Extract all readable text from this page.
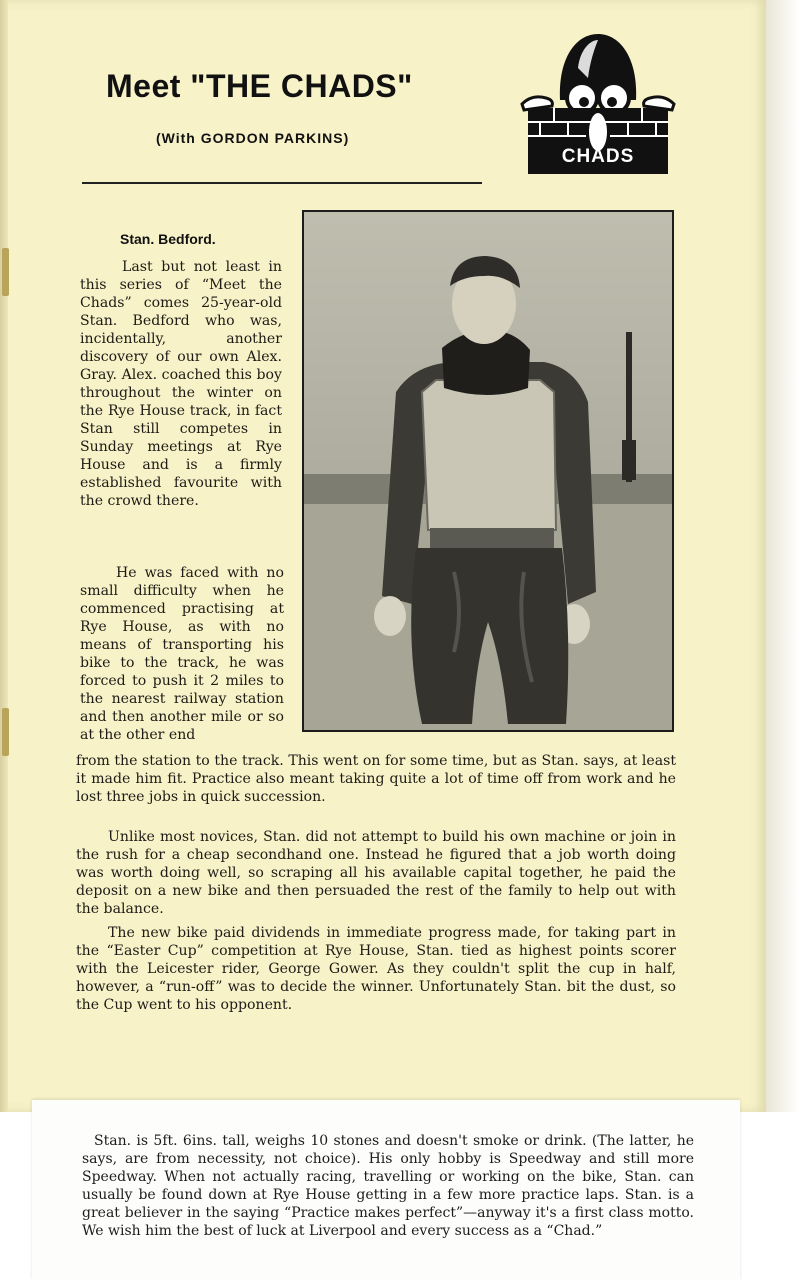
Meet "THE CHADS"
(With GORDON PARKINS)
CHADS
Stan. Bedford.

Last but not least in this series of “Meet the Chads” comes 25-year-old Stan. Bedford who was, incidentally, another discovery of our own Alex. Gray. Alex. coached this boy throughout the winter on the Rye House track, in fact Stan still competes in Sunday meetings at Rye House and is a firmly established favourite with the crowd there.

He was faced with no small difficulty when he commenced practising at Rye House, as with no means of transporting his bike to the track, he was forced to push it 2 miles to the nearest railway station and then another mile or so at the other end

from the station to the track. This went on for some time, but as Stan. says, at least it made him fit. Practice also meant taking quite a lot of time off from work and he lost three jobs in quick succession.

Unlike most novices, Stan. did not attempt to build his own machine or join in the rush for a cheap secondhand one. Instead he figured that a job worth doing was worth doing well, so scraping all his available capital together, he paid the deposit on a new bike and then persuaded the rest of the family to help out with the balance.

The new bike paid dividends in immediate progress made, for taking part in the “Easter Cup” competition at Rye House, Stan. tied as highest points scorer with the Leicester rider, George Gower. As they couldn't split the cup in half, however, a “run-off” was to decide the winner. Unfortunately Stan. bit the dust, so the Cup went to his opponent.

Stan. is 5ft. 6ins. tall, weighs 10 stones and doesn't smoke or drink. (The latter, he says, are from necessity, not choice). His only hobby is Speedway and still more Speedway. When not actually racing, travelling or working on the bike, Stan. can usually be found down at Rye House getting in a few more practice laps. Stan. is a great believer in the saying “Practice makes perfect”—anyway it's a first class motto. We wish him the best of luck at Liverpool and every success as a “Chad.”
